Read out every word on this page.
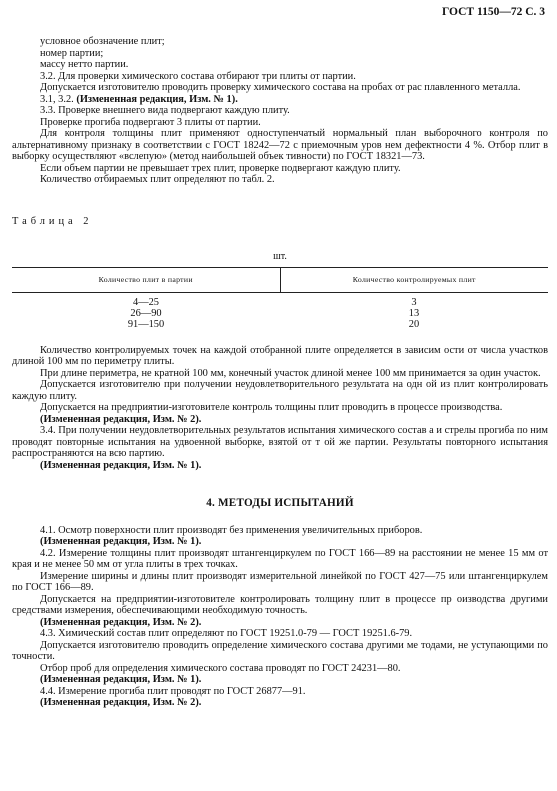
ГОСТ 1150—72 С. 3

условное обозначение плит;

номер партии;

массу нетто партии.

3.2. Для проверки химического состава отбирают три плиты от партии.

Допускается изготовителю проводить проверку химического состава на пробах от рас плавленного металла.

3.1, 3.2. (Измененная редакция, Изм. № 1).

3.3. Проверке внешнего вида подвергают каждую плиту.

Проверке прогиба подвергают 3 плиты от партии.

Для контроля толщины плит применяют одноступенчатый нормальный план выборочного контроля по альтернативному признаку в соответствии с ГОСТ 18242—72 с приемочным уров нем дефектности 4 %. Отбор плит в выборку осуществляют «вслепую» (метод наибольшей объек тивности) по ГОСТ 18321—73.

Если объем партии не превышает трех плит, проверке подвергают каждую плиту.

Количество отбираемых плит определяют по табл. 2.

Таблица 2

шт.

Количество плит в партии	Количество контролируемых плит
4—25	3
26—90	13
91—150	20

Количество контролируемых точек на каждой отобранной плите определяется в зависим ости от числа участков длиной 100 мм по периметру плиты.

При длине периметра, не кратной 100 мм, конечный участок длиной менее 100 мм принимается за один участок.

Допускается изготовителю при получении неудовлетворительного результата на одн ой из плит контролировать каждую плиту.

Допускается на предприятии-изготовителе контроль толщины плит проводить в процессе производства.

(Измененная редакция, Изм. № 2).

3.4. При получении неудовлетворительных результатов испытания химического состав а и стрелы прогиба по ним проводят повторные испытания на удвоенной выборке, взятой от т ой же партии. Результаты повторного испытания распространяются на всю партию.

(Измененная редакция, Изм. № 1).

4. МЕТОДЫ ИСПЫТАНИЙ

4.1. Осмотр поверхности плит производят без применения увеличительных приборов.

(Измененная редакция, Изм. № 1).

4.2. Измерение толщины плит производят штангенциркулем по ГОСТ 166—89 на расстоянии не менее 15 мм от края и не менее 50 мм от угла плиты в трех точках.

Измерение ширины и длины плит производят измерительной линейкой по ГОСТ 427—75 или штангенциркулем по ГОСТ 166—89.

Допускается на предприятии-изготовителе контролировать толщину плит в процессе пр оизводства другими средствами измерения, обеспечивающими необходимую точность.

(Измененная редакция, Изм. № 2).

4.3. Химический состав плит определяют по ГОСТ 19251.0-79 — ГОСТ 19251.6-79.

Допускается изготовителю проводить определение химического состава другими ме тодами, не уступающими по точности.

Отбор проб для определения химического состава проводят по ГОСТ 24231—80.

(Измененная редакция, Изм. № 1).

4.4. Измерение прогиба плит проводят по ГОСТ 26877—91.

(Измененная редакция, Изм. № 2).
